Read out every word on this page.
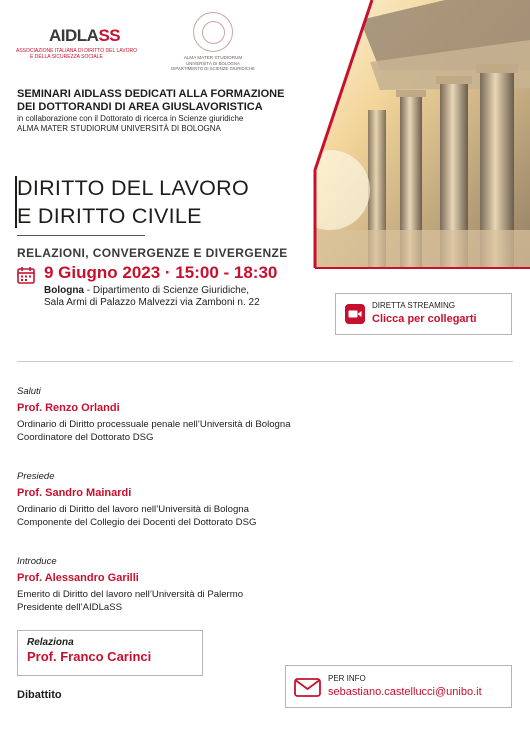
AIDLASS
ASSOCIAZIONE ITALIANA DI DIRITTO DEL LAVORO
E DELLA SICUREZZA SOCIALE	ALMA MATER STUDIORUM
UNIVERSITÀ DI BOLOGNA
DIPARTIMENTO DI SCIENZE GIURIDICHE
SEMINARI AIDLASS DEDICATI ALLA FORMAZIONE
DEI DOTTORANDI DI AREA GIUSLAVORISTICA
in collaborazione con il Dottorato di ricerca in Scienze giuridiche
ALMA MATER STUDIORUM UNIVERSITÀ DI BOLOGNA
DIRITTO DEL LAVORO
E DIRITTO CIVILE
RELAZIONI, CONVERGENZE E DIVERGENZE
9 Giugno 2023 · 15:00 - 18:30
Bologna - Dipartimento di Scienze Giuridiche,
Sala Armi di Palazzo Malvezzi via Zamboni n. 22	DIRETTA STREAMING
Clicca per collegarti
Saluti
Prof. Renzo Orlandi
Ordinario di Diritto processuale penale nell’Università di Bologna
Coordinatore del Dottorato DSG
Presiede
Prof. Sandro Mainardi
Ordinario di Diritto del lavoro nell’Università di Bologna
Componente del Collegio dei Docenti del Dottorato DSG
Introduce
Prof. Alessandro Garilli
Emerito di Diritto del lavoro nell’Università di Palermo
Presidente dell’AIDLaSS
Relaziona
Prof. Franco Carinci
Dibattito
PER INFO
sebastiano.castellucci@unibo.it
